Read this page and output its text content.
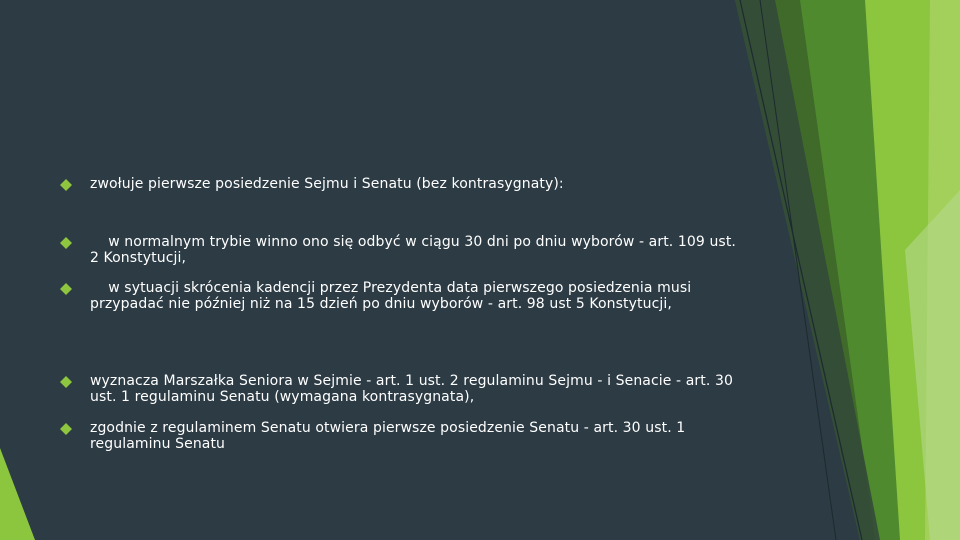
zwołuje pierwsze posiedzenie Sejmu i Senatu (bez kontrasygnaty):
w normalnym trybie winno ono się odbyć w ciągu 30 dni po dniu wyborów - art. 109 ust. 2 Konstytucji,
w sytuacji skrócenia kadencji przez Prezydenta data pierwszego posiedzenia musi przypadać nie później niż na 15 dzień po dniu wyborów - art. 98 ust 5 Konstytucji,
wyznacza Marszałka Seniora w Sejmie - art. 1 ust. 2 regulaminu Sejmu - i Senacie - art. 30 ust. 1 regulaminu Senatu (wymagana kontrasygnata),
zgodnie z regulaminem Senatu otwiera pierwsze posiedzenie Senatu - art. 30 ust. 1 regulaminu Senatu
